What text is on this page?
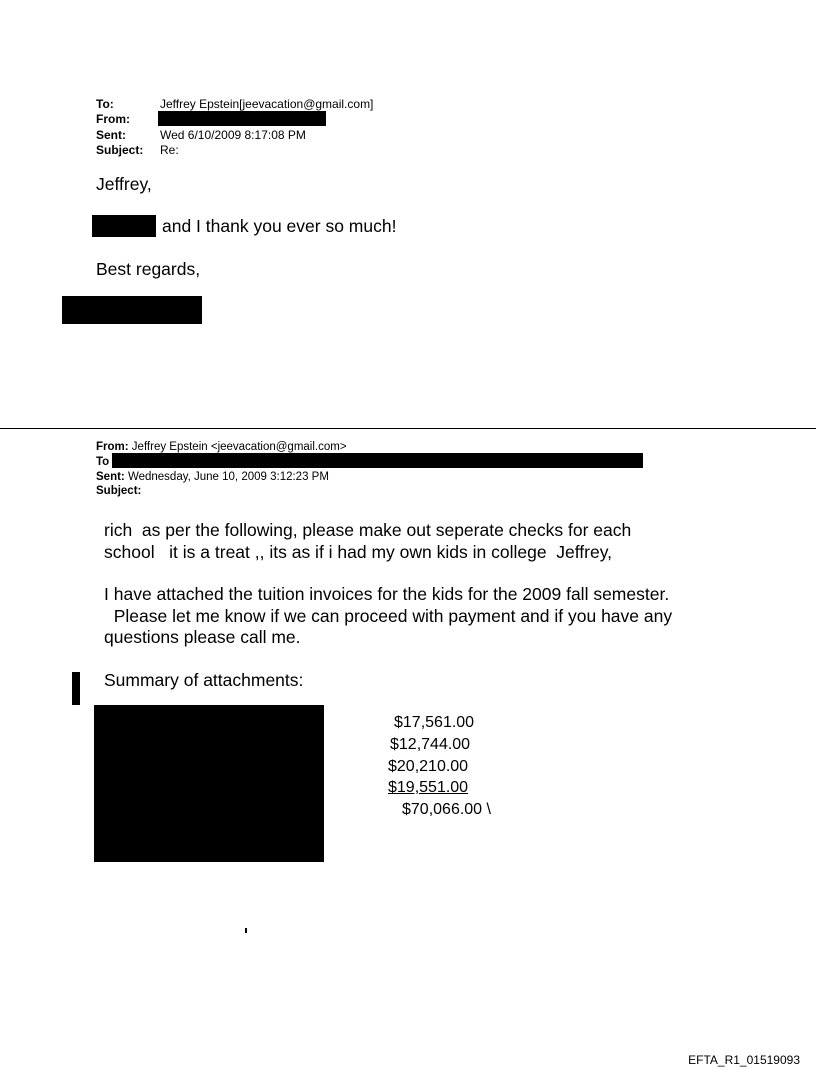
To:	Jeffrey Epstein[jeevacation@gmail.com]
From:
Sent:	Wed 6/10/2009 8:17:08 PM
Subject: Re:
Jeffrey,
and I thank you ever so much!
Best regards,
From: Jeffrey Epstein <jeevacation@gmail.com>
To
Sent: Wednesday, June 10, 2009 3:12:23 PM
Subject:
rich  as per the following, please make out seperate checks for each
school   it is a treat ,, its as if i had my own kids in college  Jeffrey,
I have attached the tuition invoices for the kids for the 2009 fall semester.
Please let me know if we can proceed with payment and if you have any
questions please call me.
Summary of attachments:
$17,561.00
$12,744.00
$20,210.00
$19,551.00
$70,066.00 \
EFTA_R1_01519093
